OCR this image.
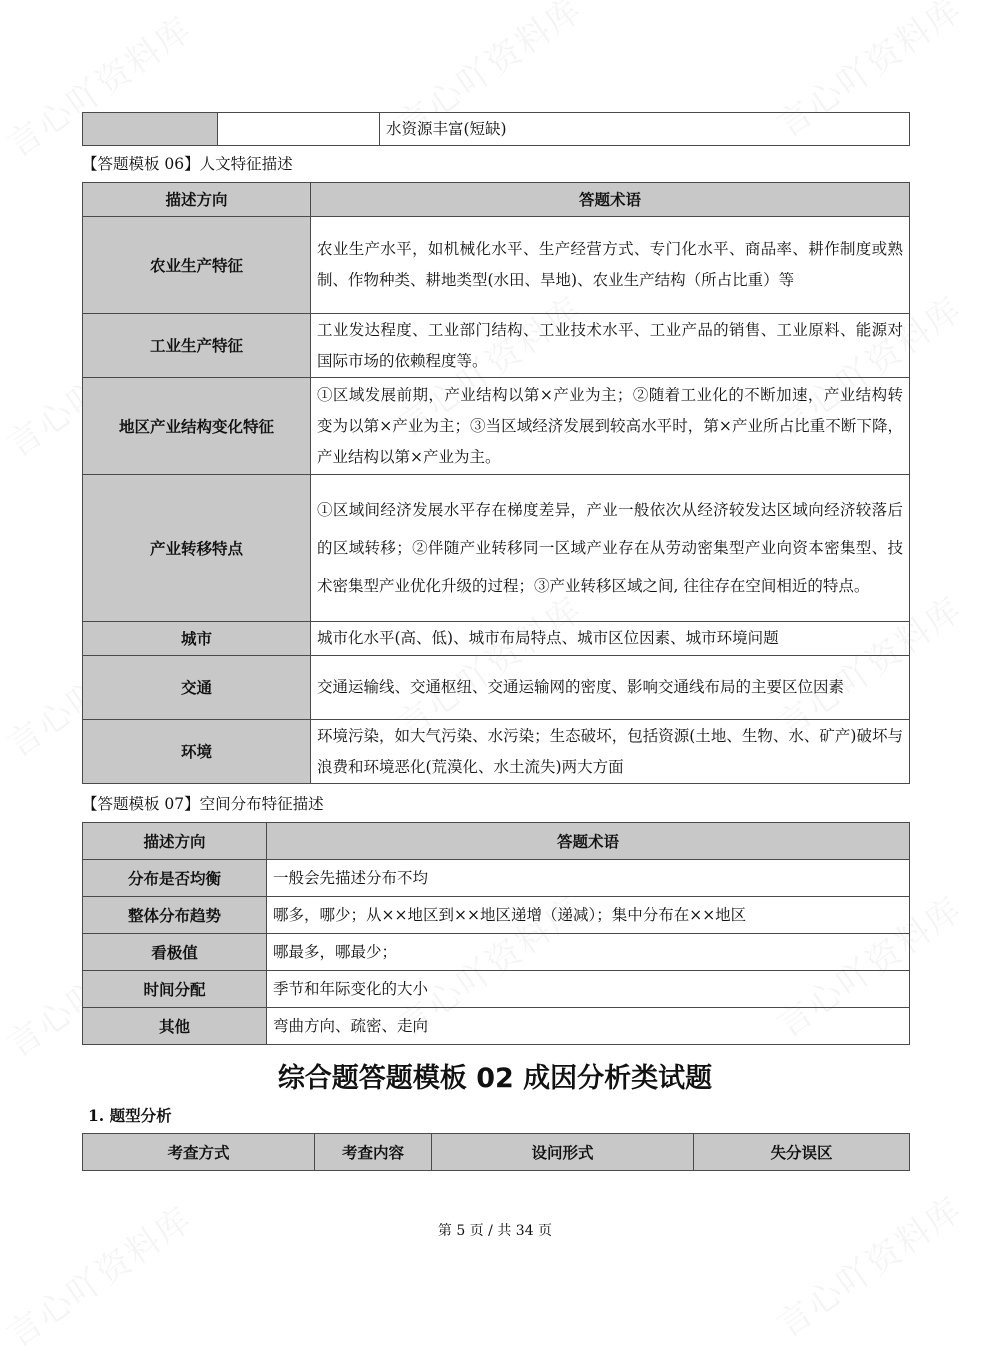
		水资源丰富(短缺)
【答题模板 06】人文特征描述
描述方向	答题术语
农业生产特征	农业生产水平，如机械化水平、生产经营方式、专门化水平、商品率、耕作制度或熟制、作物种类、耕地类型(水田、旱地)、农业生产结构（所占比重）等
工业生产特征	工业发达程度、工业部门结构、工业技术水平、工业产品的销售、工业原料、能源对国际市场的依赖程度等。
地区产业结构变化特征	①区域发展前期，产业结构以第×产业为主；②随着工业化的不断加速，产业结构转变为以第×产业为主；③当区域经济发展到较高水平时，第×产业所占比重不断下降，产业结构以第×产业为主。
产业转移特点	①区域间经济发展水平存在梯度差异，产业一般依次从经济较发达区域向经济较落后的区域转移；②伴随产业转移同一区域产业存在从劳动密集型产业向资本密集型、技术密集型产业优化升级的过程；③产业转移区域之间, 往往存在空间相近的特点。
城市	城市化水平(高、低)、城市布局特点、城市区位因素、城市环境问题
交通	交通运输线、交通枢纽、交通运输网的密度、影响交通线布局的主要区位因素
环境	环境污染，如大气污染、水污染；生态破坏，包括资源(土地、生物、水、矿产)破坏与浪费和环境恶化(荒漠化、水土流失)两大方面
【答题模板 07】空间分布特征描述
描述方向	答题术语
分布是否均衡	一般会先描述分布不均
整体分布趋势	哪多，哪少；从××地区到××地区递增（递减）；集中分布在××地区
看极值	哪最多，哪最少；
时间分配	季节和年际变化的大小
其他	弯曲方向、疏密、走向
综合题答题模板 02 成因分析类试题
1. 题型分析
考查方式	考查内容	设问形式	失分误区
第 5 页 / 共 34 页
